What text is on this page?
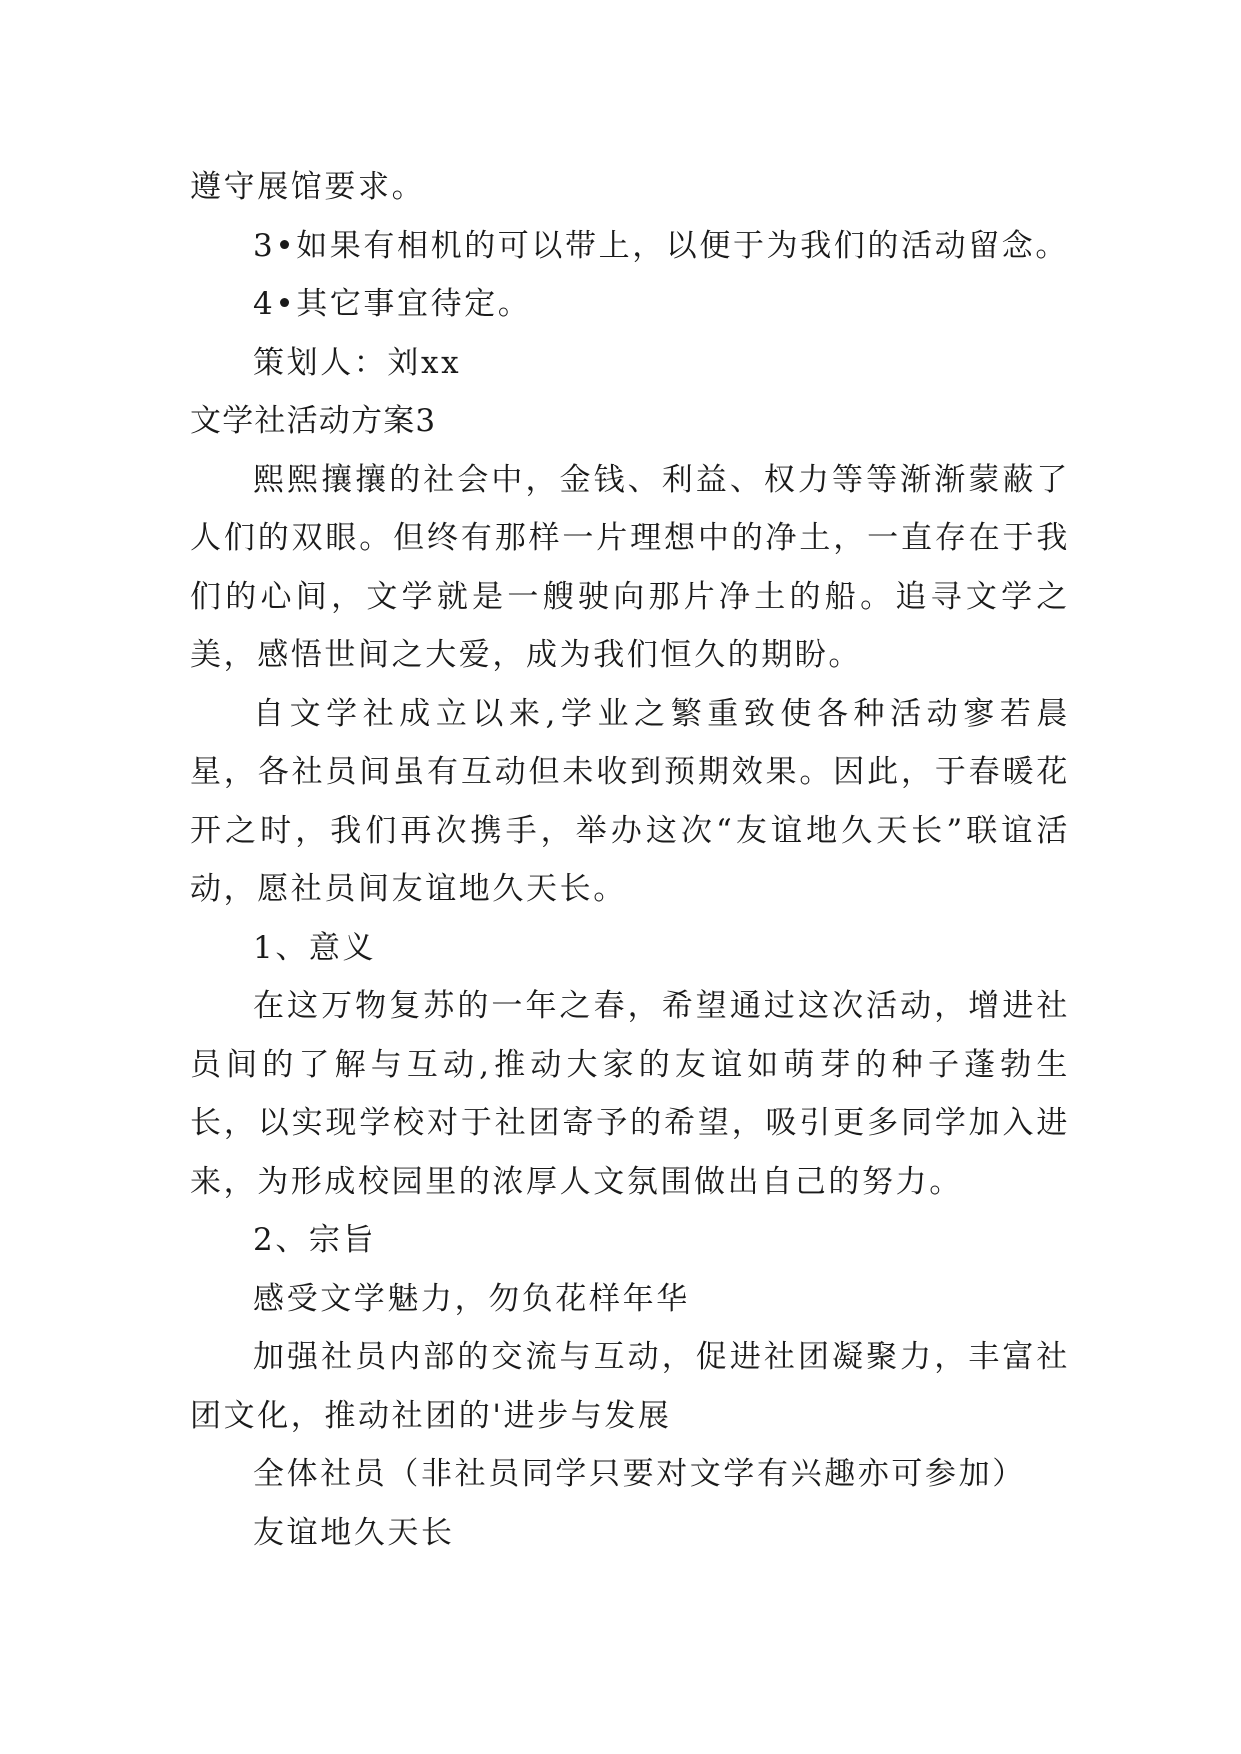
遵守展馆要求。

3•如果有相机的可以带上，以便于为我们的活动留念。

4•其它事宜待定。

策划人：刘xx

文学社活动方案3

熙熙攘攘的社会中，金钱、利益、权力等等渐渐蒙蔽了人们的双眼。但终有那样一片理想中的净土，一直存在于我们的心间，文学就是一艘驶向那片净土的船。追寻文学之美，感悟世间之大爱，成为我们恒久的期盼。

自文学社成立以来,学业之繁重致使各种活动寥若晨星，各社员间虽有互动但未收到预期效果。因此，于春暖花开之时，我们再次携手，举办这次“友谊地久天长”联谊活动，愿社员间友谊地久天长。

1、意义

在这万物复苏的一年之春，希望通过这次活动，增进社员间的了解与互动,推动大家的友谊如萌芽的种子蓬勃生长，以实现学校对于社团寄予的希望，吸引更多同学加入进来，为形成校园里的浓厚人文氛围做出自己的努力。

2、宗旨

感受文学魅力，勿负花样年华

加强社员内部的交流与互动，促进社团凝聚力，丰富社团文化，推动社团的'进步与发展

全体社员（非社员同学只要对文学有兴趣亦可参加）

友谊地久天长
